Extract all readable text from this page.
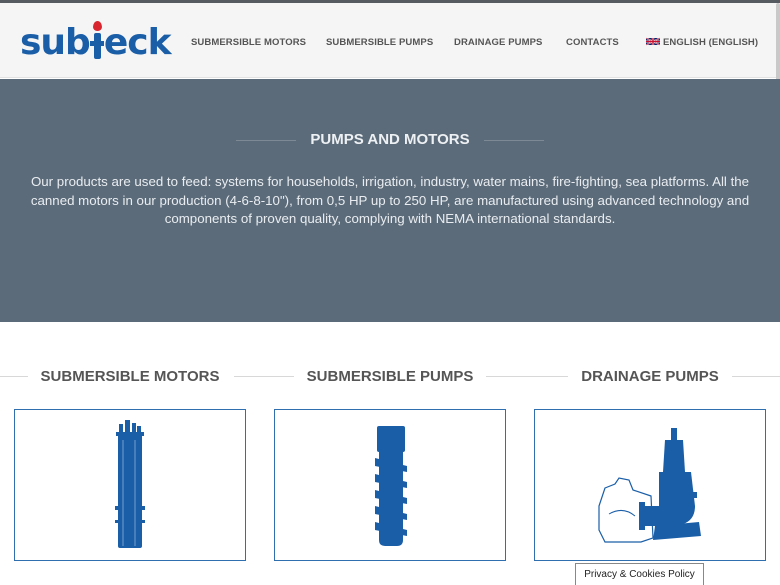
sub eck SUBMERSIBLE MOTORS SUBMERSIBLE PUMPS DRAINAGE PUMPS CONTACTS	ENGLISH (ENGLISH)
PUMPS AND MOTORS

Our products are used to feed: systems for households, irrigation, industry, water mains, fire-fighting, sea platforms. All the canned motors in our production (4-6-8-10"), from 0,5 HP up to 250 HP, are manufactured using advanced technology and components of proven quality, complying with NEMA international standards.

SUBMERSIBLE MOTORS	SUBMERSIBLE PUMPS	DRAINAGE PUMPS
Privacy & Cookies Policy
